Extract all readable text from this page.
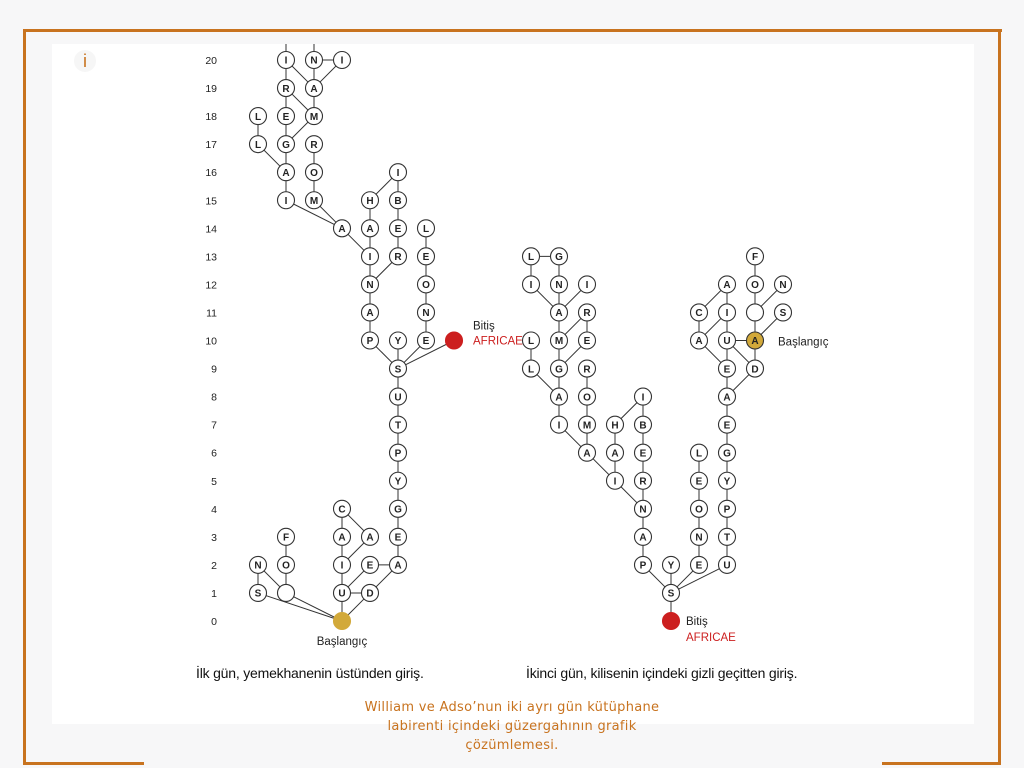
i
0
1
2
3
4
5
6
7
8
9
10
11
12
13
14
15
16
17
18
19
20
S	U D
N O	I E A
F	A A E
C	G
Y
P
T
U
S
P Y E
A	N
N	O
I R E
A A E L
I M	H B
A O	I
L G R
L E M
R A
I N I
Başlangıç
Bitiş
AFRICAE
S
P Y E U
A	N T
N	O P
I R	E Y
A A E	L G
I M H B	E
A O	I	A
L G R	E D
L M E	A U A
A R	C I	S
I N I	A O N
L G	F
Başlangıç
Bitiş
AFRICAE
İlk gün, yemekhanenin üstünden giriş.	İkinci gün, kilisenin içindeki gizli geçitten giriş.
William ve Adso’nun iki ayrı gün kütüphane
labirenti içindeki güzergahının grafik
çözümlemesi.
